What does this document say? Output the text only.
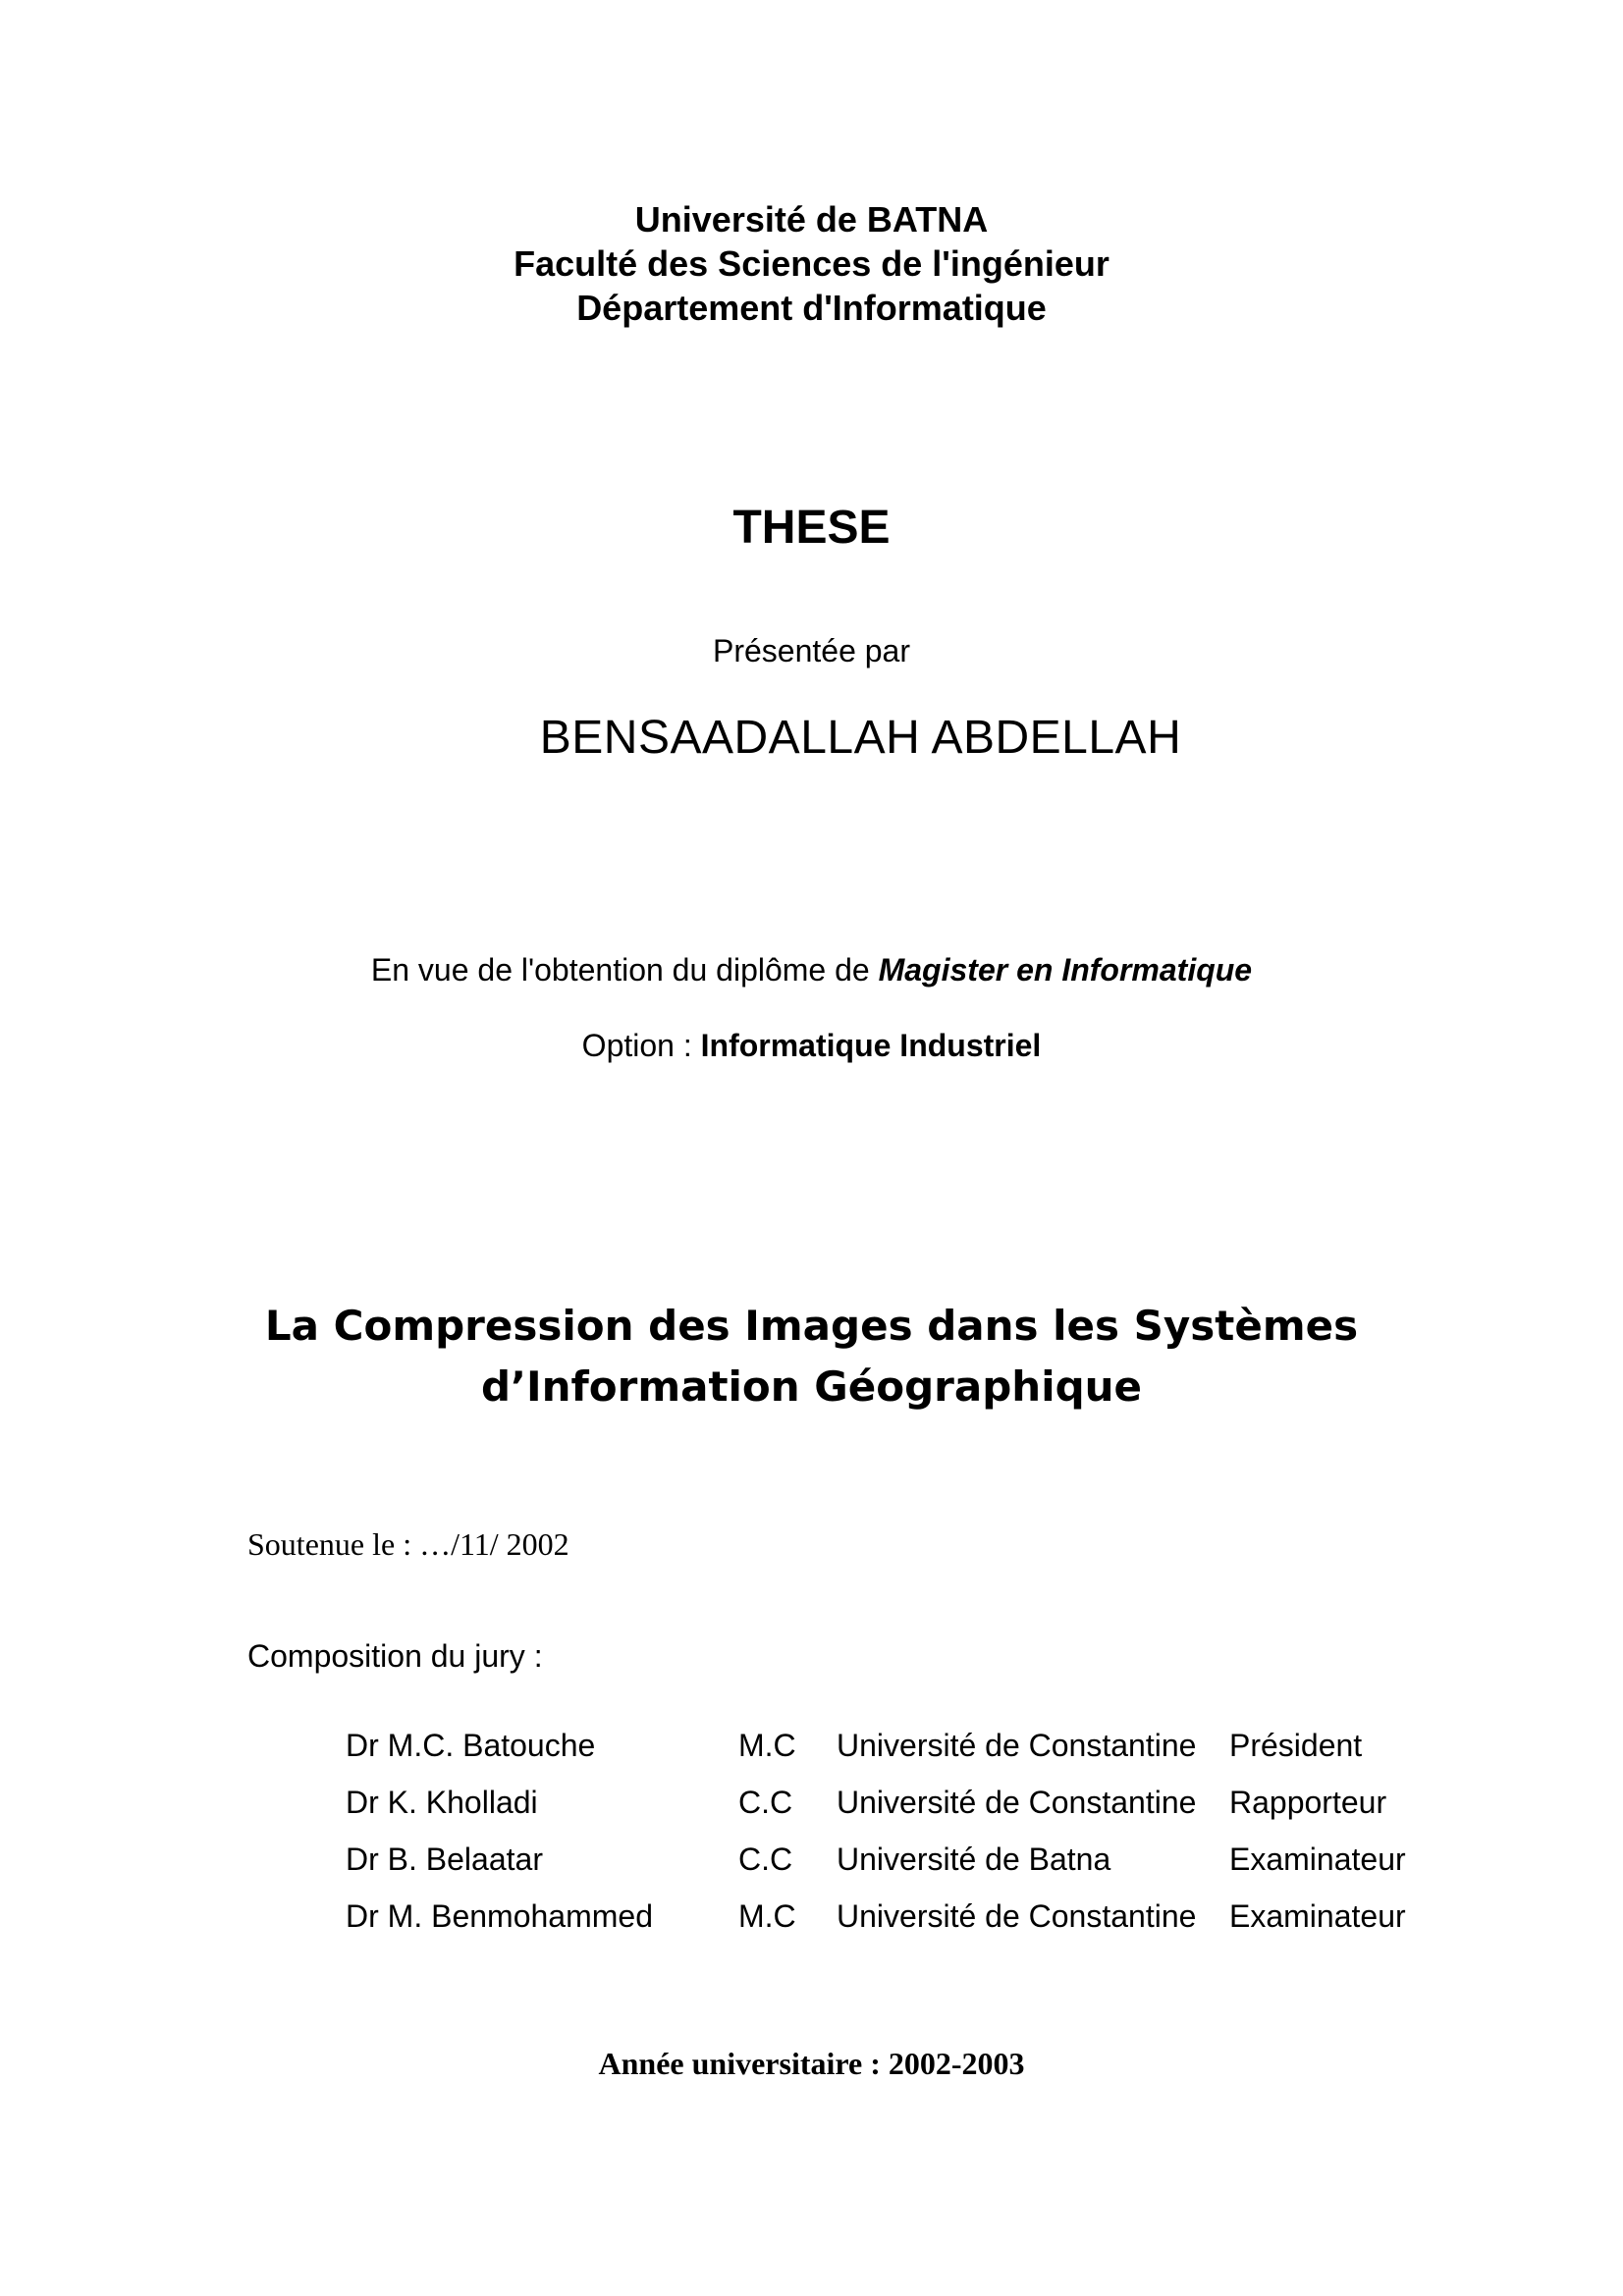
Université de BATNA
Faculté des Sciences de l'ingénieur
Département d'Informatique
THESE
Présentée par
BENSAADALLAH ABDELLAH
En vue de l'obtention du diplôme de Magister en Informatique
Option : Informatique Industriel
La Compression des Images dans les Systèmes
d’Information Géographique
Soutenue le : …/11/ 2002
Composition du jury :
Dr M.C. Batouche	M.C Université de Constantine Président
Dr K. Kholladi	C.C Université de Constantine Rapporteur
Dr B. Belaatar	C.C Université de Batna	Examinateur
Dr M. Benmohammed	M.C Université de Constantine Examinateur
Année universitaire : 2002-2003
